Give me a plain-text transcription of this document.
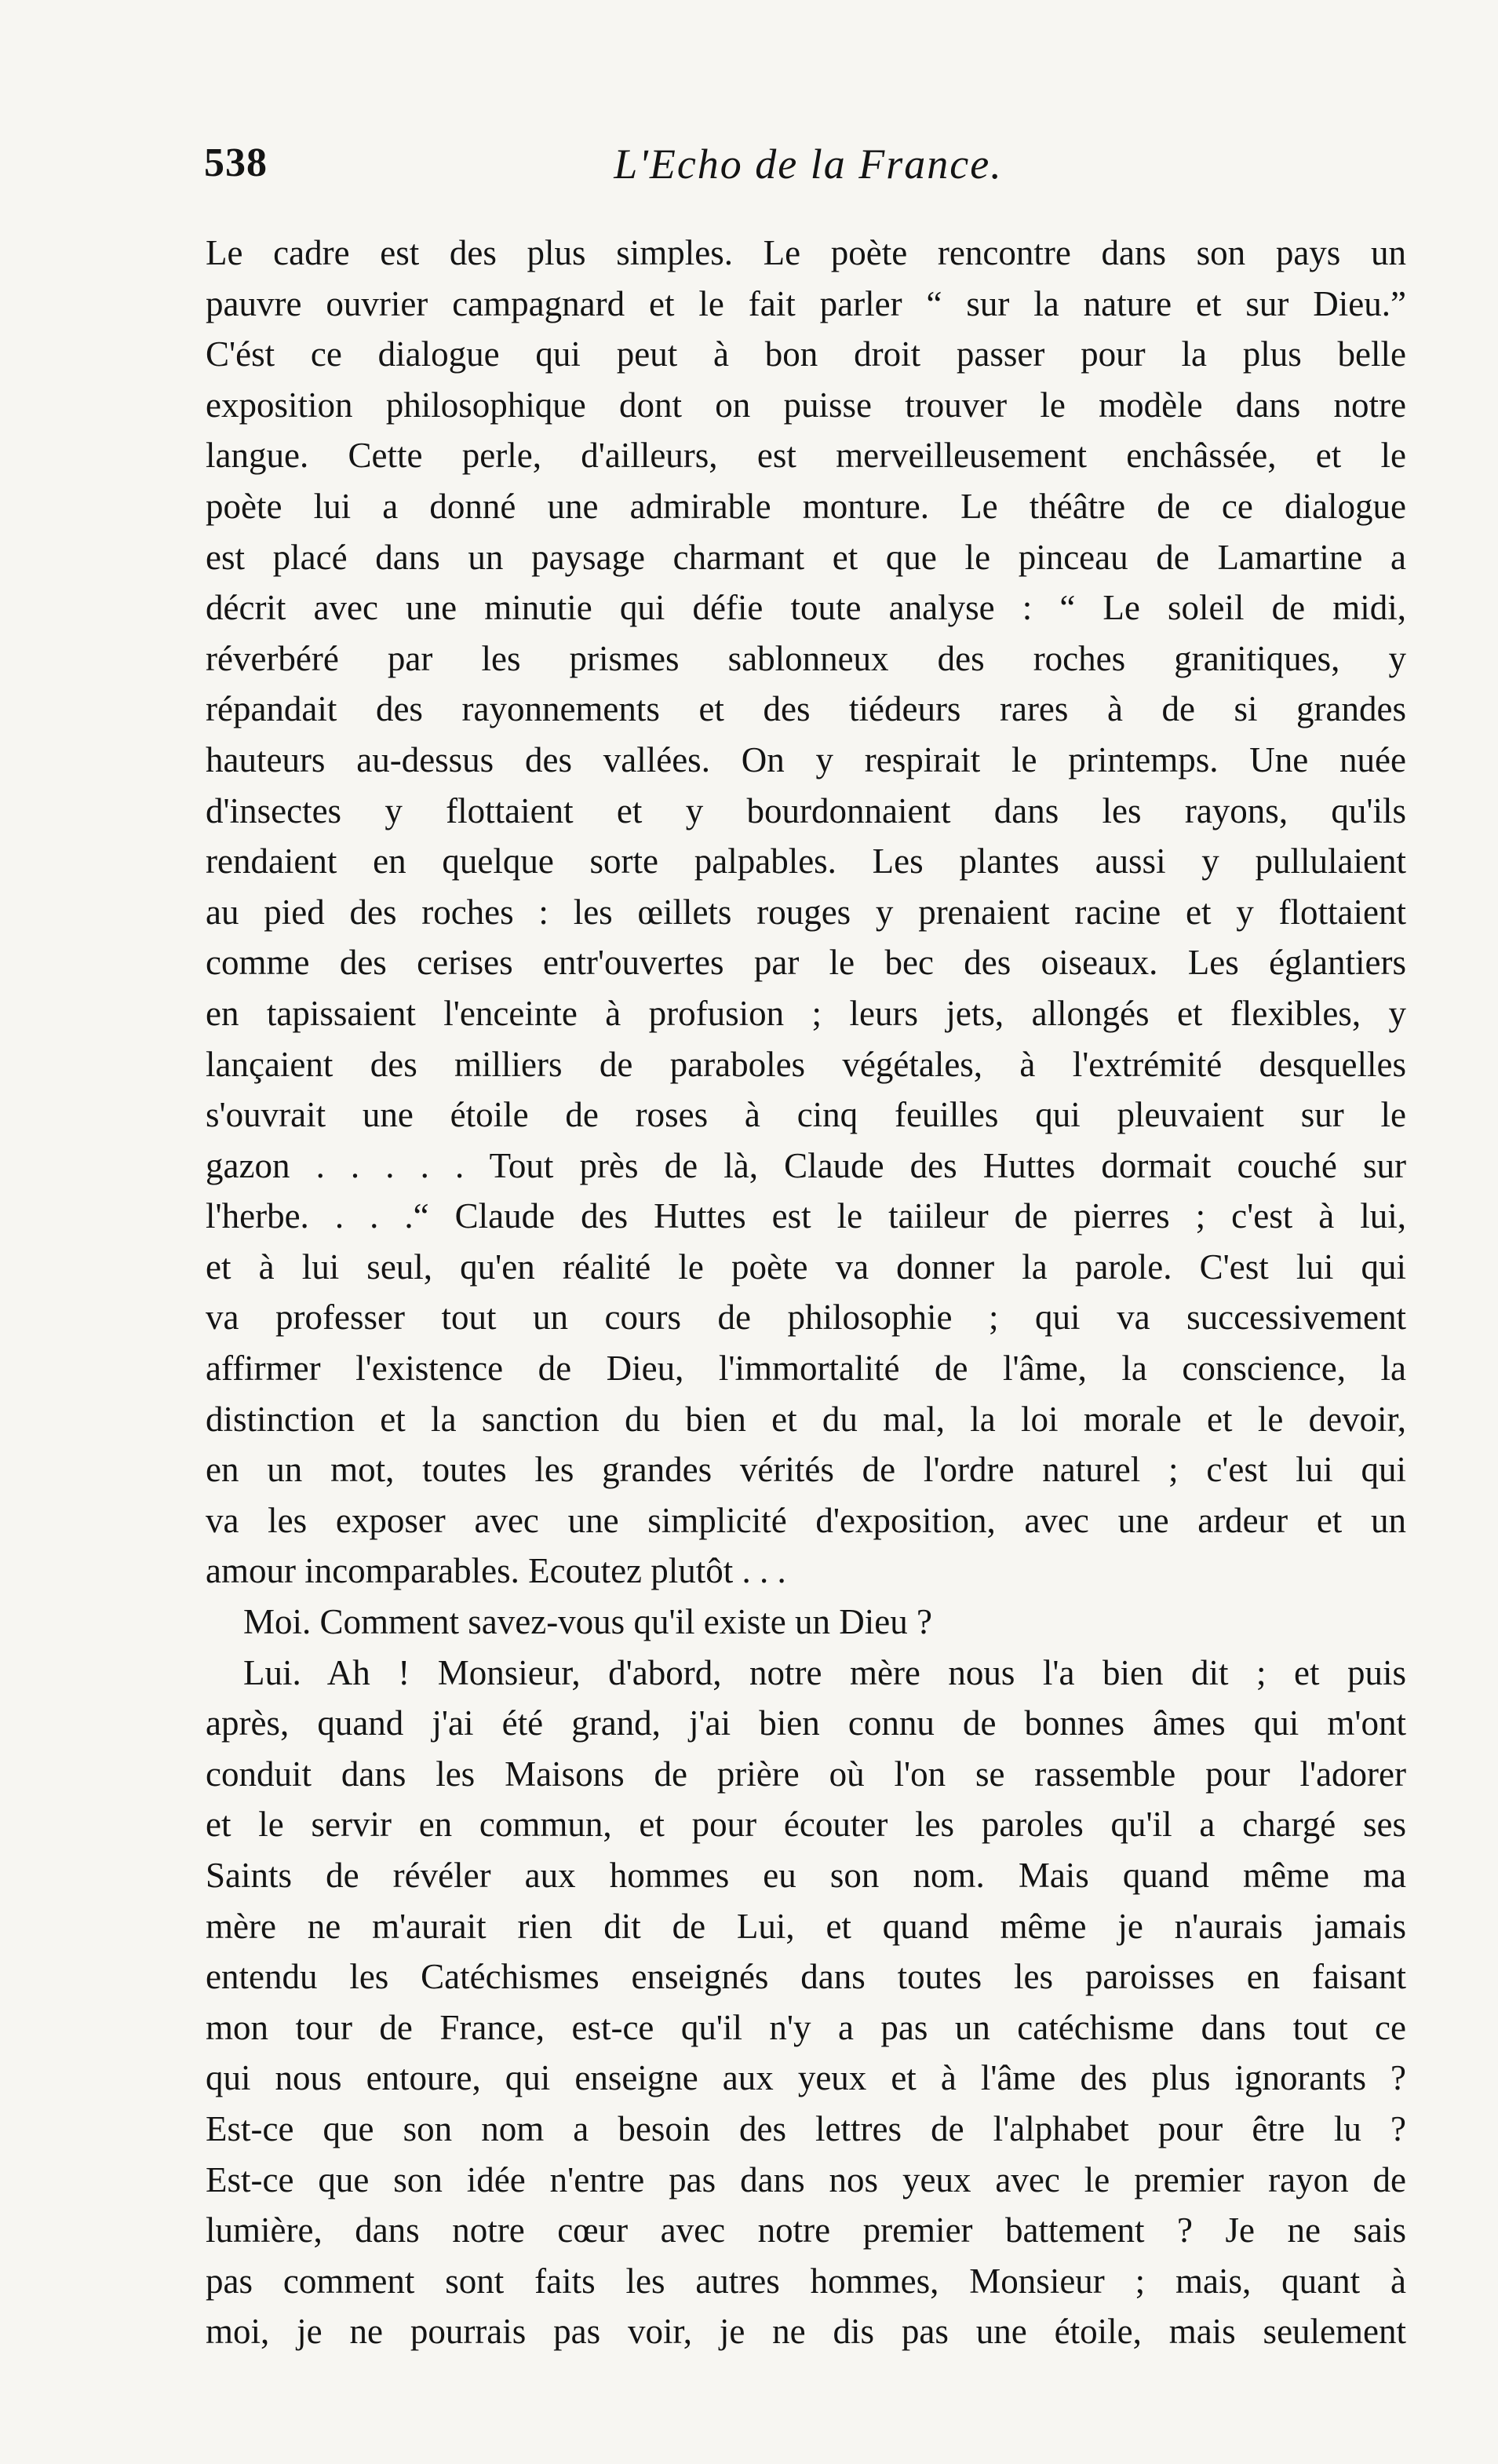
538	L'Echo de la France.
Le cadre est des plus simples. Le poète rencontre dans son pays un
pauvre ouvrier campagnard et le fait parler “ sur la nature et sur Dieu.”
C'ést ce dialogue qui peut à bon droit passer pour la plus belle
exposition philosophique dont on puisse trouver le modèle dans notre
langue. Cette perle, d'ailleurs, est merveilleusement enchâssée, et le
poète lui a donné une admirable monture. Le théâtre de ce dialogue
est placé dans un paysage charmant et que le pinceau de Lamartine a
décrit avec une minutie qui défie toute analyse : “ Le soleil de midi,
réverbéré par les prismes sablonneux des roches granitiques, y
répandait des rayonnements et des tiédeurs rares à de si grandes
hauteurs au-dessus des vallées. On y respirait le printemps. Une nuée
d'insectes y flottaient et y bourdonnaient dans les rayons, qu'ils
rendaient en quelque sorte palpables. Les plantes aussi y pullulaient
au pied des roches : les œillets rouges y prenaient racine et y flottaient
comme des cerises entr'ouvertes par le bec des oiseaux. Les églantiers
en tapissaient l'enceinte à profusion ; leurs jets, allongés et flexibles, y
lançaient des milliers de paraboles végétales, à l'extrémité desquelles
s'ouvrait une étoile de roses à cinq feuilles qui pleuvaient sur le
gazon . . . . . Tout près de là, Claude des Huttes dormait couché sur
l'herbe. . . .“ Claude des Huttes est le taiileur de pierres ; c'est à lui,
et à lui seul, qu'en réalité le poète va donner la parole. C'est lui qui
va professer tout un cours de philosophie ; qui va successivement
affirmer l'existence de Dieu, l'immortalité de l'âme, la conscience, la
distinction et la sanction du bien et du mal, la loi morale et le devoir,
en un mot, toutes les grandes vérités de l'ordre naturel ; c'est lui qui
va les exposer avec une simplicité d'exposition, avec une ardeur et un
amour incomparables. Ecoutez plutôt . . .
Moi. Comment savez-vous qu'il existe un Dieu ?
Lui. Ah ! Monsieur, d'abord, notre mère nous l'a bien dit ; et puis
après, quand j'ai été grand, j'ai bien connu de bonnes âmes qui m'ont
conduit dans les Maisons de prière où l'on se rassemble pour l'adorer
et le servir en commun, et pour écouter les paroles qu'il a chargé ses
Saints de révéler aux hommes eu son nom. Mais quand même ma
mère ne m'aurait rien dit de Lui, et quand même je n'aurais jamais
entendu les Catéchismes enseignés dans toutes les paroisses en faisant
mon tour de France, est-ce qu'il n'y a pas un catéchisme dans tout ce
qui nous entoure, qui enseigne aux yeux et à l'âme des plus ignorants ?
Est-ce que son nom a besoin des lettres de l'alphabet pour être lu ?
Est-ce que son idée n'entre pas dans nos yeux avec le premier rayon de
lumière, dans notre cœur avec notre premier battement ? Je ne sais
pas comment sont faits les autres hommes, Monsieur ; mais, quant à
moi, je ne pourrais pas voir, je ne dis pas une étoile, mais seulement
